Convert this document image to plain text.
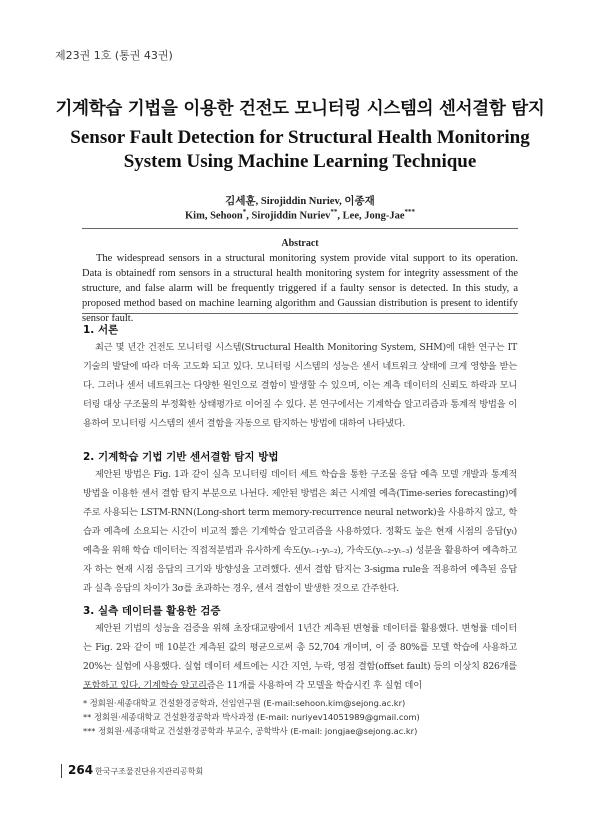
제23권 1호 (통권 43권)
기계학습 기법을 이용한 건전도 모니터링 시스템의 센서결함 탐지
Sensor Fault Detection for Structural Health Monitoring System Using Machine Learning Technique
김세훈, Sirojiddin Nuriev, 이종재
Kim, Sehoon*, Sirojiddin Nuriev**, Lee, Jong-Jae***
Abstract

The widespread sensors in a structural monitoring system provide vital support to its operation. Data is obtainedf rom sensors in a structural health monitoring system for integrity assessment of the structure, and false alarm will be frequently triggered if a faulty sensor is detected. In this study, a proposed method based on machine learning algorithm and Gaussian distribution is present to identify sensor fault.

1. 서론

최근 몇 년간 건전도 모니터링 시스템(Structural Health Monitoring System, SHM)에 대한 연구는 IT 기술의 발달에 따라 더욱 고도화 되고 있다. 모니터링 시스템의 성능은 센서 네트워크 상태에 크게 영향을 받는다. 그러나 센서 네트워크는 다양한 원인으로 결함이 발생할 수 있으며, 이는 계측 데이터의 신뢰도 하락과 모니터링 대상 구조물의 부정확한 상태평가로 이어질 수 있다. 본 연구에서는 기계학습 알고리즘과 통계적 방법을 이용하여 모니터링 시스템의 센서 결함을 자동으로 탐지하는 방법에 대하여 나타냈다.

2. 기계학습 기법 기반 센서결함 탐지 방법

제안된 방법은 Fig. 1과 같이 실측 모니터링 데이터 세트 학습을 통한 구조물 응답 예측 모델 개발과 통계적 방법을 이용한 센서 결함 탐지 부분으로 나뉜다. 제안된 방법은 최근 시계열 예측(Time-series forecasting)에 주로 사용되는 LSTM-RNN(Long-short term memory-recurrence neural network)을 사용하지 않고, 학습과 예측에 소요되는 시간이 비교적 짧은 기계학습 알고리즘을 사용하였다. 정확도 높은 현재 시점의 응답(yₜ) 예측을 위해 학습 데이터는 직접적분법과 유사하게 속도(yₜ₋₁-yₜ₋₂), 가속도(yₜ₋₂-yₜ₋₃) 성분을 활용하여 예측하고자 하는 현재 시점 응답의 크기와 방향성을 고려했다. 센서 결함 탐지는 3-sigma rule을 적용하여 예측된 응답과 실측 응답의 차이가 3σ를 초과하는 경우, 센서 결함이 발생한 것으로 간주한다.

3. 실측 데이터를 활용한 검증

제안된 기법의 성능을 검증을 위해 초장대교량에서 1년간 계측된 변형률 데이터를 활용했다. 변형률 데이터는 Fig. 2와 같이 매 10분간 계측된 값의 평균으로써 총 52,704 개이며, 이 중 80%를 모델 학습에 사용하고 20%는 실험에 사용했다. 실험 데이터 세트에는 시간 지연, 누락, 영점 결함(offset fault) 등의 이상치 826개를 포함하고 있다. 기계학습 알고리즘은 11개를 사용하여 각 모델을 학습시킨 후 실험 데이

* 정회원·세종대학교 건설환경공학과, 선임연구원 (E-mail:sehoon.kim@sejong.ac.kr)
** 정회원·세종대학교 건설환경공학과 박사과정 (E-mail: nuriyev14051989@gmail.com)
*** 정회원·세종대학교 건설환경공학과 부교수, 공학박사 (E-mail: jongjae@sejong.ac.kr)
264 한국구조물진단유지관리공학회
